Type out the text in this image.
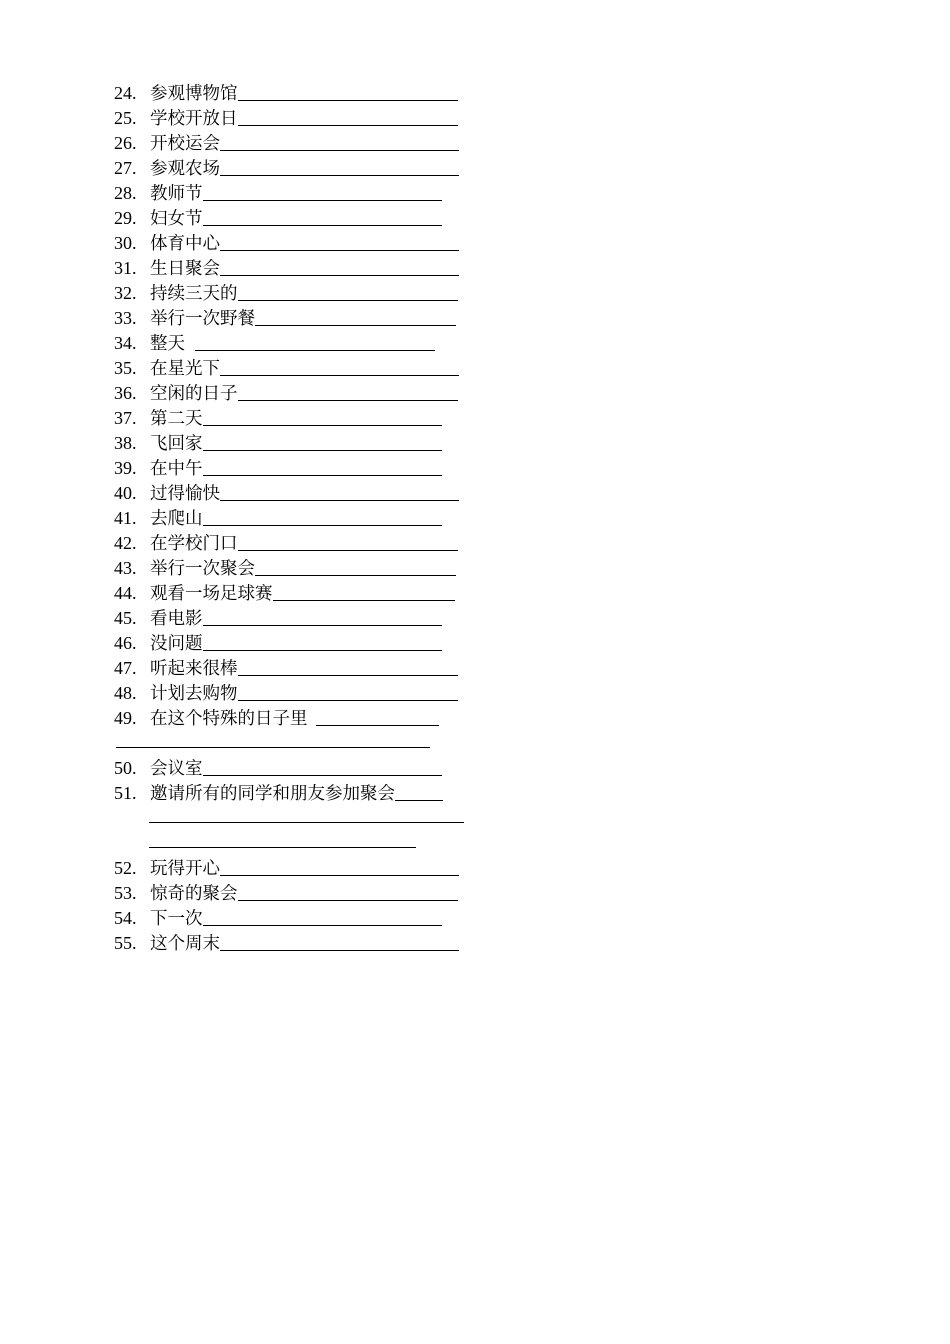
24. 参观博物馆
25. 学校开放日
26. 开校运会
27. 参观农场
28. 教师节
29. 妇女节
30. 体育中心
31. 生日聚会
32. 持续三天的
33. 举行一次野餐
34. 整天
35. 在星光下
36. 空闲的日子
37. 第二天
38. 飞回家
39. 在中午
40. 过得愉快
41. 去爬山
42. 在学校门口
43. 举行一次聚会
44. 观看一场足球赛
45. 看电影
46. 没问题
47. 听起来很棒
48. 计划去购物
49. 在这个特殊的日子里
50. 会议室
51. 邀请所有的同学和朋友参加聚会
52. 玩得开心
53. 惊奇的聚会
54. 下一次
55. 这个周末
